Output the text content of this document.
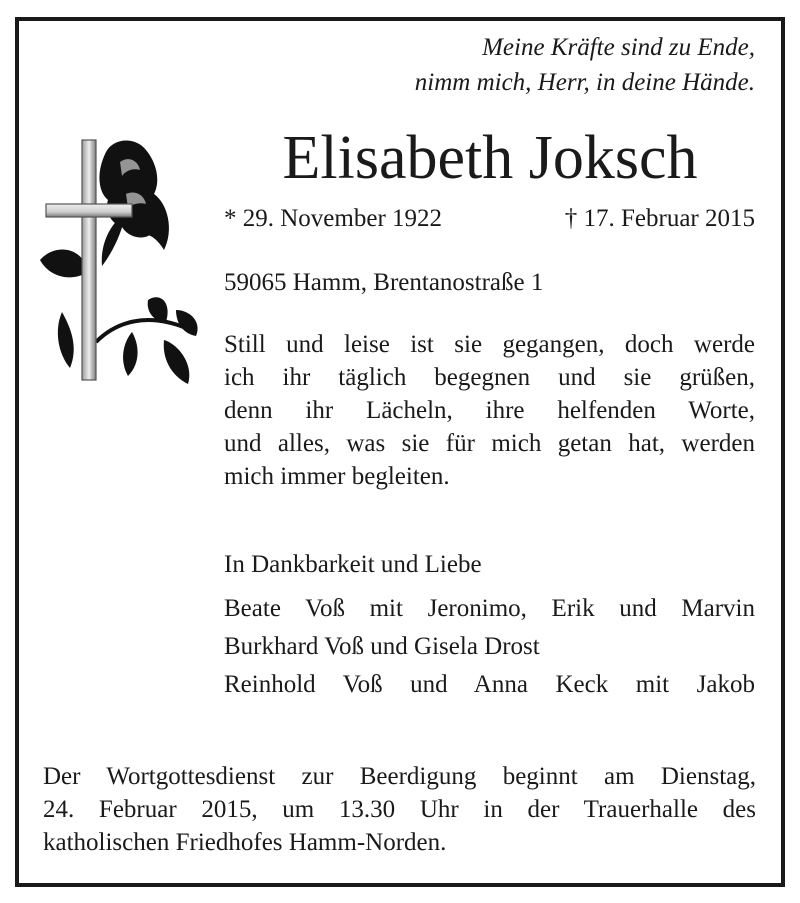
Meine Kräfte sind zu Ende,
nimm mich, Herr, in deine Hände.
Elisabeth Joksch
* 29. November 1922	† 17. Februar 2015
59065 Hamm, Brentanostraße 1
Still und leise ist sie gegangen, doch werde
ich ihr täglich begegnen und sie grüßen,
denn ihr Lächeln, ihre helfenden Worte,
und alles, was sie für mich getan hat, werden
mich immer begleiten.
In Dankbarkeit und Liebe
Beate Voß mit Jeronimo, Erik und Marvin
Burkhard Voß und Gisela Drost
Reinhold Voß und Anna Keck mit Jakob
Der Wortgottesdienst zur Beerdigung beginnt am Dienstag,
24. Februar 2015, um 13.30 Uhr in der Trauerhalle des
katholischen Friedhofes Hamm-Norden.
